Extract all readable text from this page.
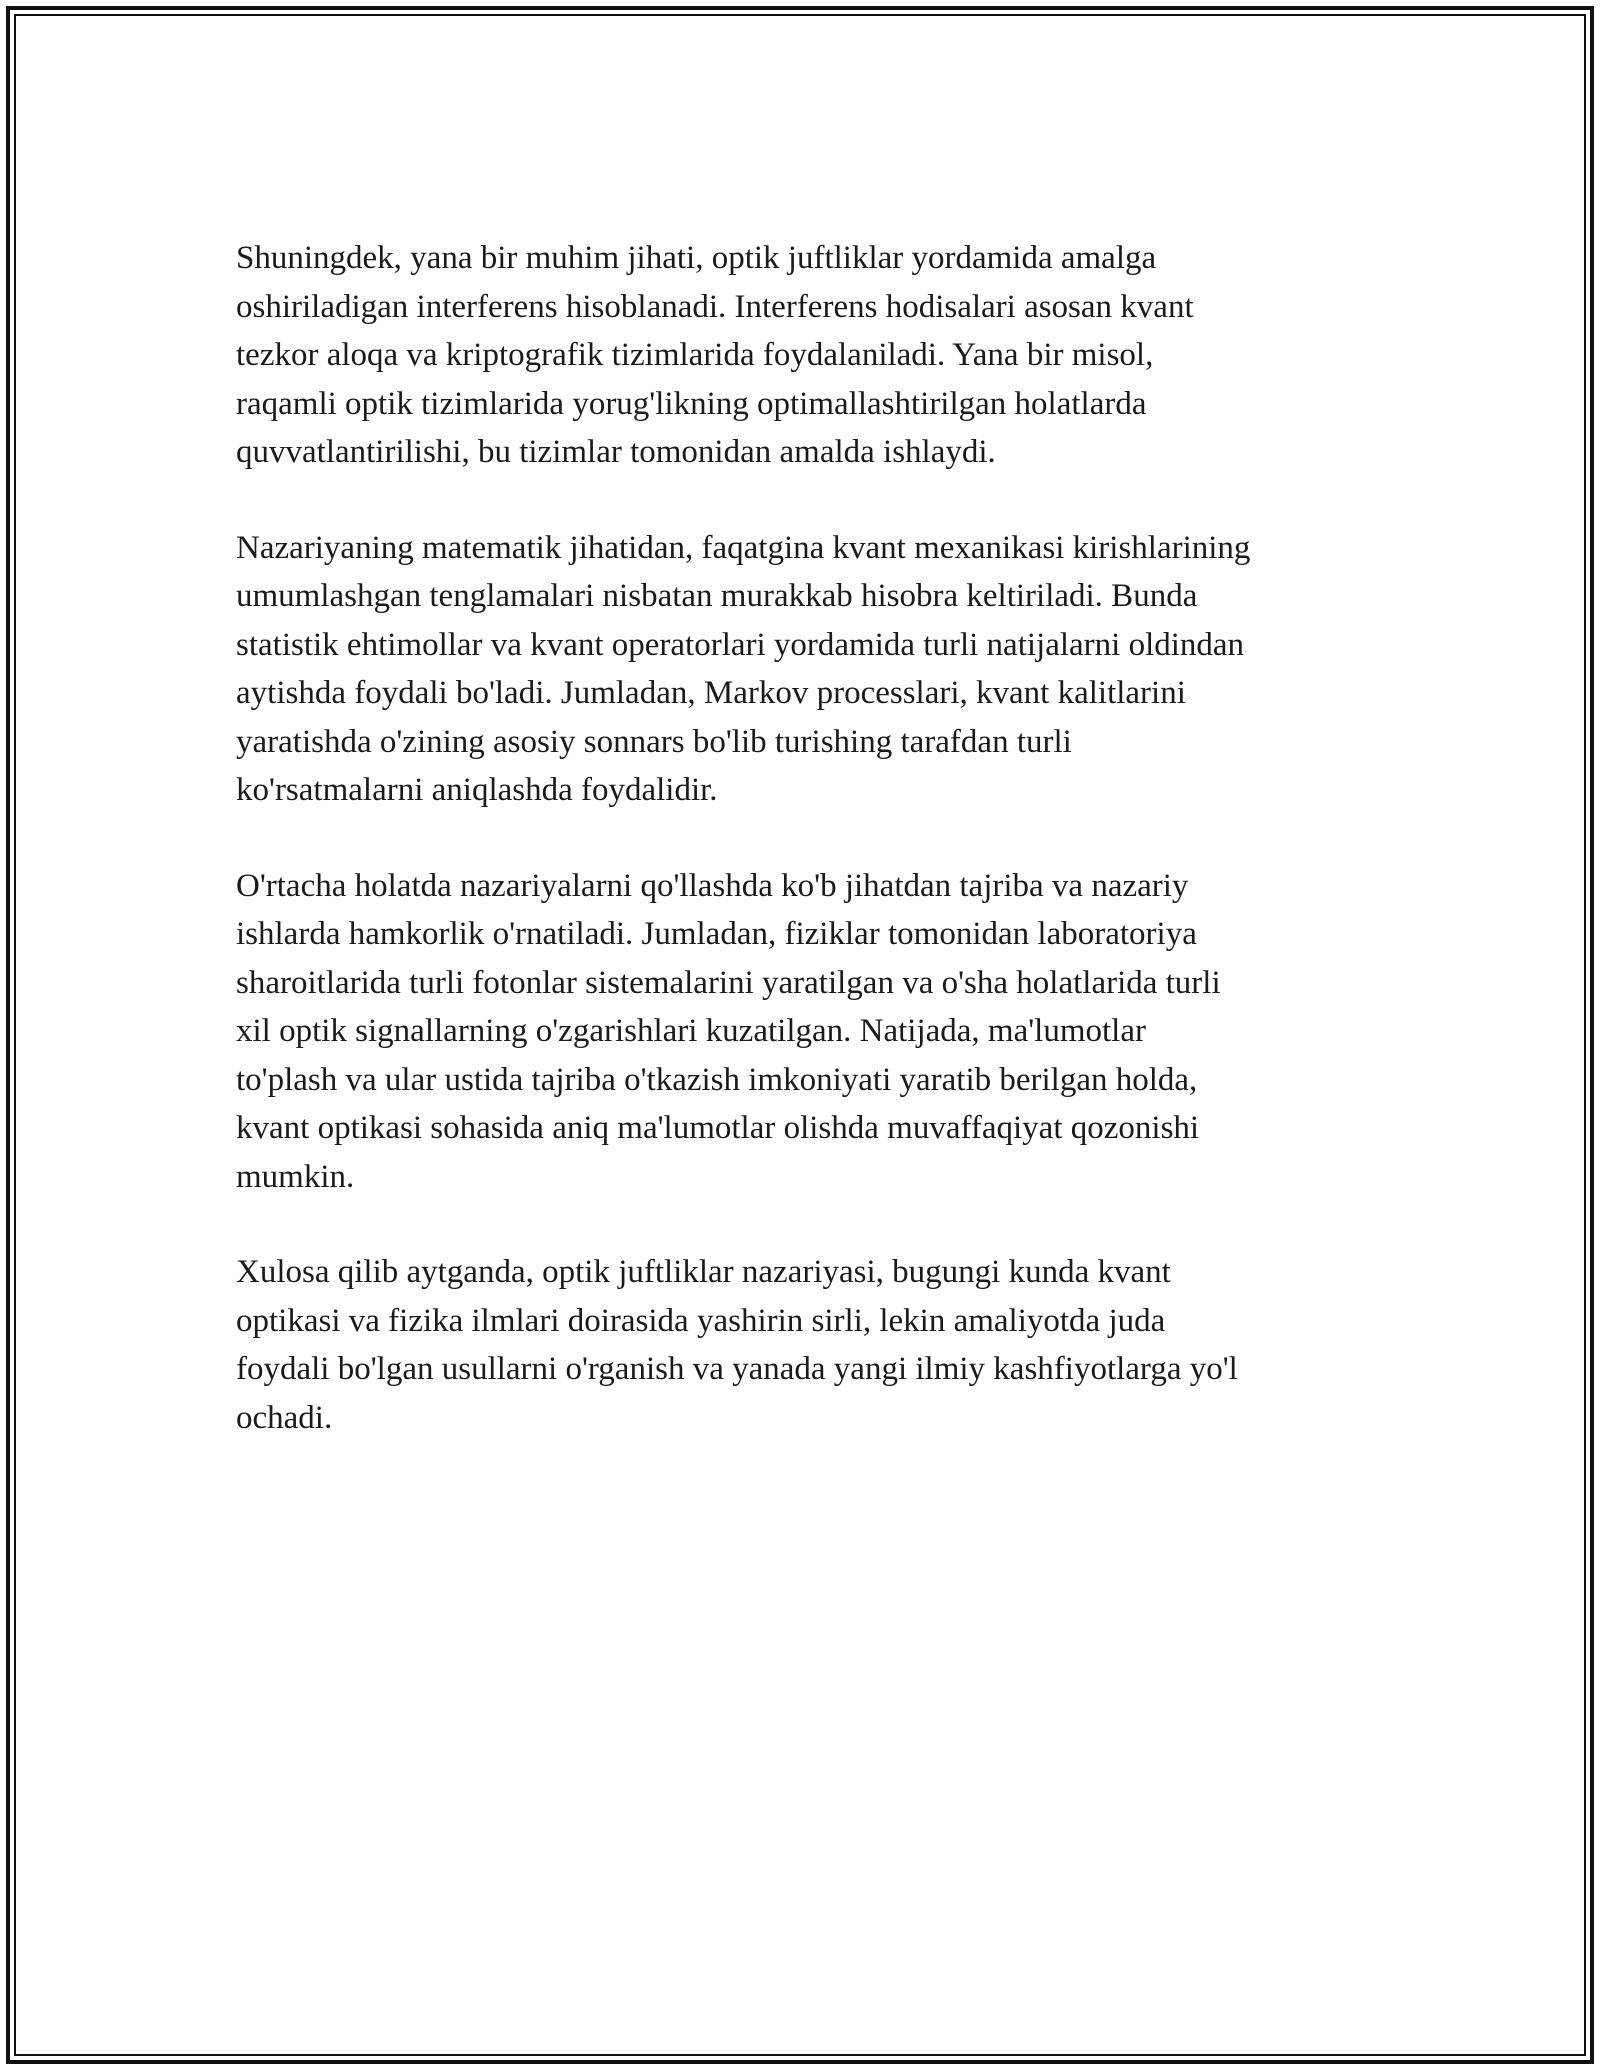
Shuningdek, yana bir muhim jihati, optik juftliklar yordamida amalga
oshiriladigan interferens hisoblanadi. Interferens hodisalari asosan kvant
tezkor aloqa va kriptografik tizimlarida foydalaniladi. Yana bir misol,
raqamli optik tizimlarida yorug'likning optimallashtirilgan holatlarda
quvvatlantirilishi, bu tizimlar tomonidan amalda ishlaydi.

Nazariyaning matematik jihatidan, faqatgina kvant mexanikasi kirishlarining
umumlashgan tenglamalari nisbatan murakkab hisobra keltiriladi. Bunda
statistik ehtimollar va kvant operatorlari yordamida turli natijalarni oldindan
aytishda foydali bo'ladi. Jumladan, Markov processlari, kvant kalitlarini
yaratishda o'zining asosiy sonnars bo'lib turishing tarafdan turli
ko'rsatmalarni aniqlashda foydalidir.

O'rtacha holatda nazariyalarni qo'llashda ko'b jihatdan tajriba va nazariy
ishlarda hamkorlik o'rnatiladi. Jumladan, fiziklar tomonidan laboratoriya
sharoitlarida turli fotonlar sistemalarini yaratilgan va o'sha holatlarida turli
xil optik signallarning o'zgarishlari kuzatilgan. Natijada, ma'lumotlar
to'plash va ular ustida tajriba o'tkazish imkoniyati yaratib berilgan holda,
kvant optikasi sohasida aniq ma'lumotlar olishda muvaffaqiyat qozonishi
mumkin.

Xulosa qilib aytganda, optik juftliklar nazariyasi, bugungi kunda kvant
optikasi va fizika ilmlari doirasida yashirin sirli, lekin amaliyotda juda
foydali bo'lgan usullarni o'rganish va yanada yangi ilmiy kashfiyotlarga yo'l
ochadi.
